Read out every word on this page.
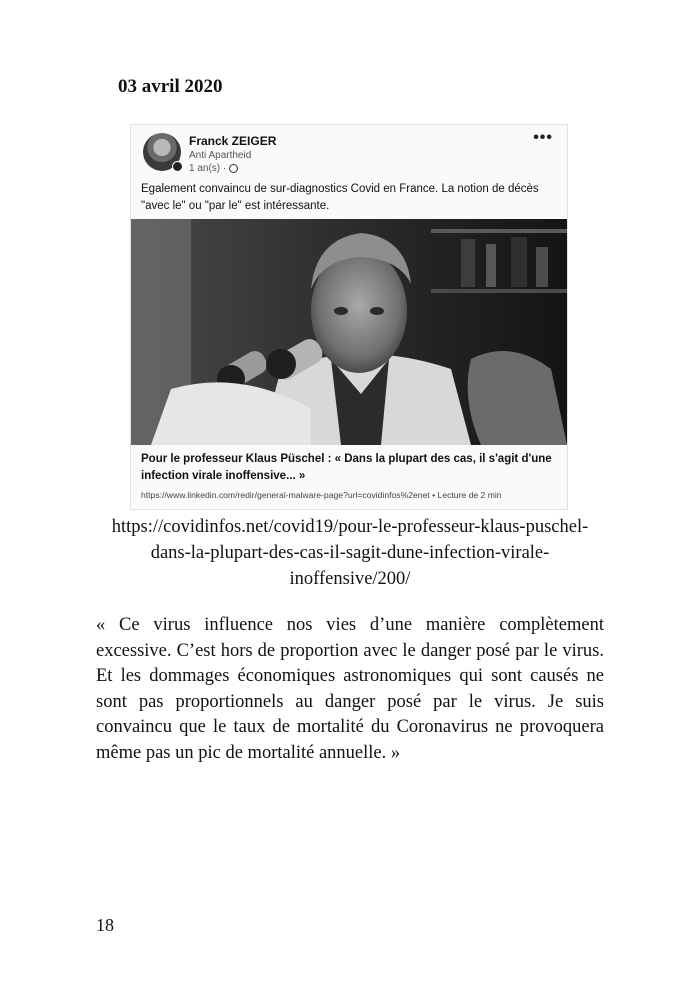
03 avril 2020
Franck ZEIGER
Anti Apartheid
1 an(s) ·
•••
Egalement convaincu de sur-diagnostics Covid en France. La notion de décès "avec le" ou "par le" est intéressante.
Pour le professeur Klaus Püschel : « Dans la plupart des cas, il s'agit d'une infection virale inoffensive... »
https://www.linkedin.com/redir/general-malware-page?url=covidinfos%2enet • Lecture de 2 min
https://covidinfos.net/covid19/pour-le-professeur-klaus-puschel-dans-la-plupart-des-cas-il-sagit-dune-infection-virale-inoffensive/200/
« Ce virus influence nos vies d’une manière complètement excessive. C’est hors de proportion avec le danger posé par le virus. Et les dommages économiques astronomiques qui sont causés ne sont pas proportionnels au danger posé par le virus. Je suis convaincu que le taux de mortalité du Coronavirus ne provoquera même pas un pic de mortalité annuelle. »
18
